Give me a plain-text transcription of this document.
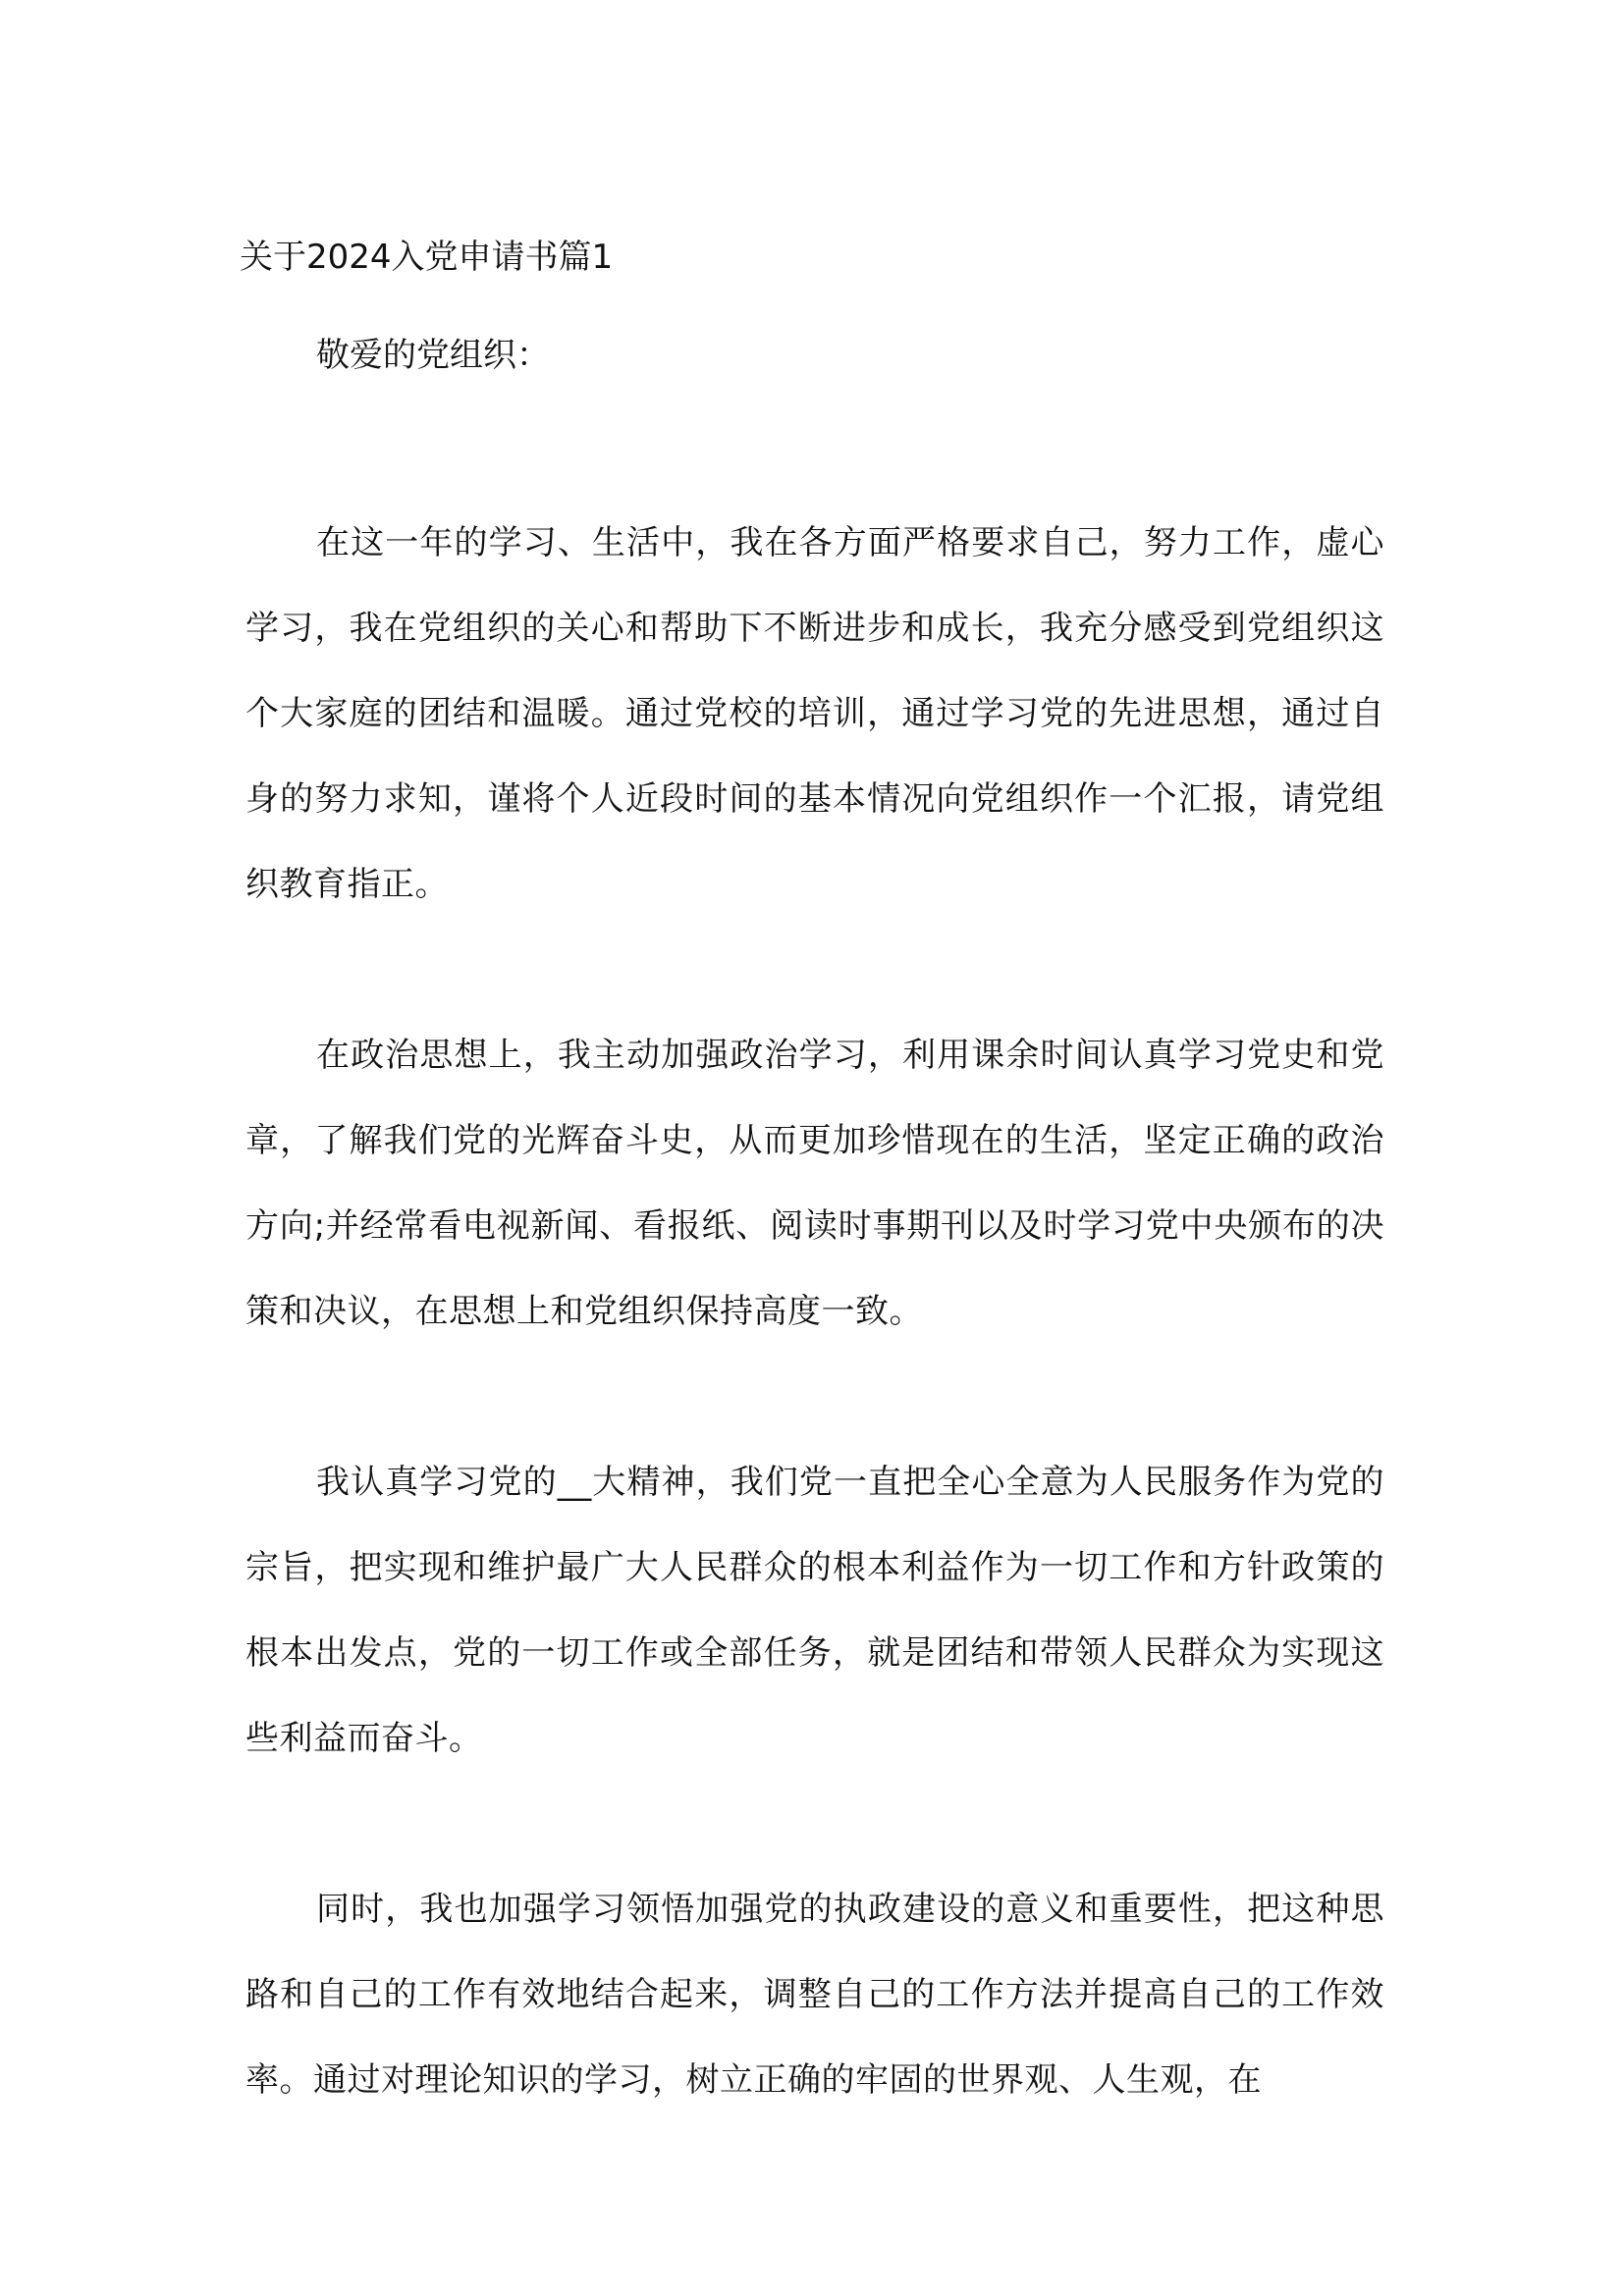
关于2024入党申请书篇1

敬爱的党组织：

在这一年的学习、生活中，我在各方面严格要求自己，努力工作，虚心学习，我在党组织的关心和帮助下不断进步和成长，我充分感受到党组织这个大家庭的团结和温暖。通过党校的培训，通过学习党的先进思想，通过自身的努力求知，谨将个人近段时间的基本情况向党组织作一个汇报，请党组织教育指正。

在政治思想上，我主动加强政治学习，利用课余时间认真学习党史和党章，了解我们党的光辉奋斗史，从而更加珍惜现在的生活，坚定正确的政治方向;并经常看电视新闻、看报纸、阅读时事期刊以及时学习党中央颁布的决策和决议，在思想上和党组织保持高度一致。

我认真学习党的__大精神，我们党一直把全心全意为人民服务作为党的宗旨，把实现和维护最广大人民群众的根本利益作为一切工作和方针政策的根本出发点，党的一切工作或全部任务，就是团结和带领人民群众为实现这些利益而奋斗。

同时，我也加强学习领悟加强党的执政建设的意义和重要性，把这种思路和自己的工作有效地结合起来，调整自己的工作方法并提高自己的工作效率。通过对理论知识的学习，树立正确的牢固的世界观、人生观，在
